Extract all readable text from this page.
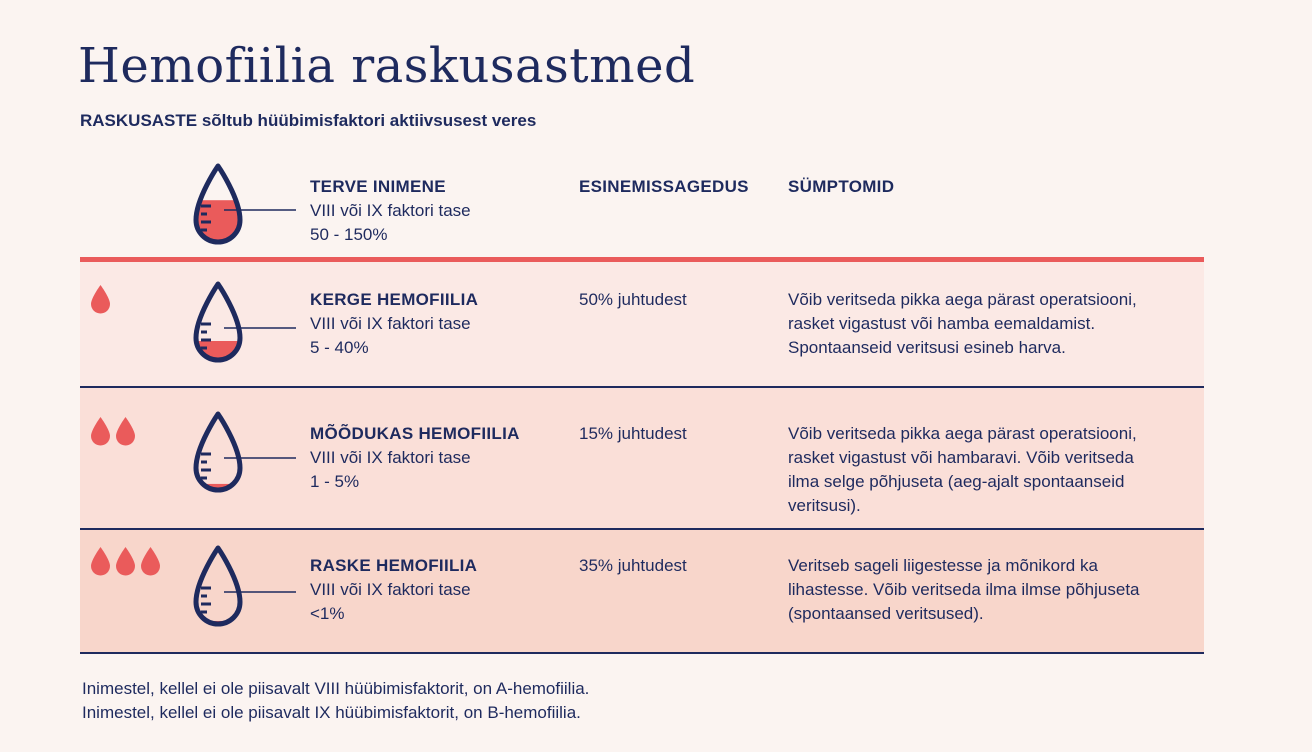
Hemofiilia raskusastmed

RASKUSASTE sõltub hüübimisfaktori aktiivsusest veres

TERVE INIMENE
VIII või IX faktori tase
50 - 150%
ESINEMISSAGEDUS SÜMPTOMID
KERGE HEMOFIILIA
VIII või IX faktori tase
5 - 40%
50% juhtudest	Võib veritseda pikka aega pärast operatsiooni,
rasket vigastust või hamba eemaldamist.
Spontaanseid veritsusi esineb harva.
MÕÕDUKAS HEMOFIILIA
VIII või IX faktori tase
1 - 5%
15% juhtudest	Võib veritseda pikka aega pärast operatsiooni,
rasket vigastust või hambaravi. Võib veritseda
ilma selge põhjuseta (aeg-ajalt spontaanseid
veritsusi).
RASKE HEMOFIILIA
VIII või IX faktori tase
<1%
35% juhtudest	Veritseb sageli liigestesse ja mõnikord ka
lihastesse. Võib veritseda ilma ilmse põhjuseta
(spontaansed veritsused).
Inimestel, kellel ei ole piisavalt VIII hüübimisfaktorit, on A-hemofiilia.
Inimestel, kellel ei ole piisavalt IX hüübimisfaktorit, on B-hemofiilia.
